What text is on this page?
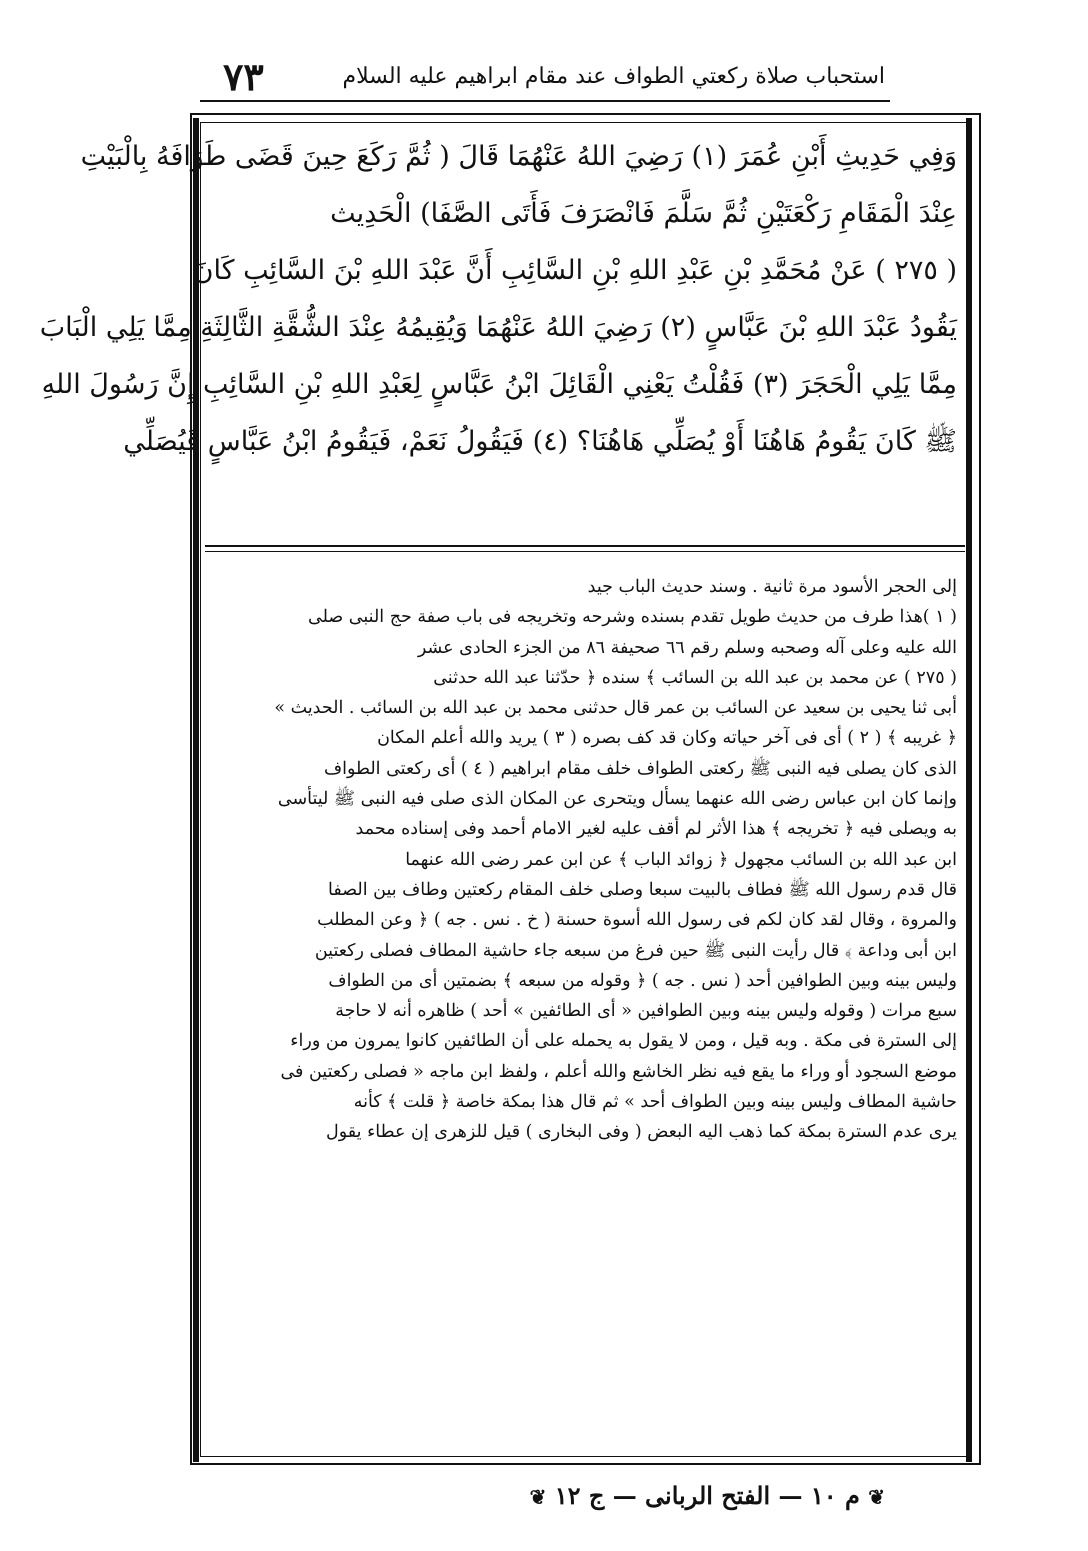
استحباب صلاة ركعتي الطواف عند مقام ابراهيم عليه السلام
٧٣
وَفِي حَدِيثِ أَبْنِ عُمَرَ (١) رَضِيَ اللهُ عَنْهُمَا قَالَ ( ثُمَّ رَكَعَ حِينَ قَضَى طَوَافَهُ بِالْبَيْتِ
عِنْدَ الْمَقَامِ رَكْعَتَيْنِ ثُمَّ سَلَّمَ فَانْصَرَفَ فَأَتَى الصَّفَا) الْحَدِيث
( ٢٧٥ ) عَنْ مُحَمَّدِ بْنِ عَبْدِ اللهِ بْنِ السَّائِبِ أَنَّ عَبْدَ اللهِ بْنَ السَّائِبِ كَانَ
يَقُودُ عَبْدَ اللهِ بْنَ عَبَّاسٍ (٢) رَضِيَ اللهُ عَنْهُمَا وَيُقِيمُهُ عِنْدَ الشُّقَّةِ الثَّالِثَةِ مِمَّا يَلِي الْبَابَ
مِمَّا يَلِي الْحَجَرَ (٣) فَقُلْتُ يَعْنِي الْقَائِلَ ابْنُ عَبَّاسٍ لِعَبْدِ اللهِ بْنِ السَّائِبِ إِنَّ رَسُولَ اللهِ
ﷺ كَانَ يَقُومُ هَاهُنَا أَوْ يُصَلِّي هَاهُنَا؟ (٤) فَيَقُولُ نَعَمْ، فَيَقُومُ ابْنُ عَبَّاسٍ فَيُصَلِّي
إلى الحجر الأسود مرة ثانية . وسند حديث الباب جيد
( ١ )هذا طرف من حديث طويل تقدم بسنده وشرحه وتخريجه فى باب صفة حج النبى صلى
الله عليه وعلى آله وصحبه وسلم رقم ٦٦ صحيفة ٨٦ من الجزء الحادى عشر
( ٢٧٥ ) عن محمد بن عبد الله بن السائب ﴾ سنده ﴿ حدّثنا عبد الله حدثنى
أبى ثنا يحيى بن سعيد عن السائب بن عمر قال حدثنى محمد بن عبد الله بن السائب . الحديث »
﴿ غريبه ﴾ ( ٢ ) أى فى آخر حياته وكان قد كف بصره ( ٣ ) يريد والله أعلم المكان
الذى كان يصلى فيه النبى ﷺ ركعتى الطواف خلف مقام ابراهيم ( ٤ ) أى ركعتى الطواف
وإنما كان ابن عباس رضى الله عنهما يسأل ويتحرى عن المكان الذى صلى فيه النبى ﷺ ليتأسى
به ويصلى فيه ﴿ تخريجه ﴾ هذا الأثر لم أقف عليه لغير الامام أحمد وفى إسناده محمد
ابن عبد الله بن السائب مجهول ﴿ زوائد الباب ﴾ عن ابن عمر رضى الله عنهما
قال قدم رسول الله ﷺ فطاف بالبيت سبعا وصلى خلف المقام ركعتين وطاف بين الصفا
والمروة ، وقال لقد كان لكم فى رسول الله أسوة حسنة ( خ . نس . جه ) ﴿ وعن المطلب
ابن أبى وداعة ﴾ قال رأيت النبى ﷺ حين فرغ من سبعه جاء حاشية المطاف فصلى ركعتين
وليس بينه وبين الطوافين أحد ( نس . جه ) ﴿ وقوله من سبعه ﴾ بضمتين أى من الطواف
سبع مرات ( وقوله وليس بينه وبين الطوافين « أى الطائفين » أحد ) ظاهره أنه لا حاجة
إلى السترة فى مكة . وبه قيل ، ومن لا يقول به يحمله على أن الطائفين كانوا يمرون من وراء
موضع السجود أو وراء ما يقع فيه نظر الخاشع والله أعلم ، ولفظ ابن ماجه « فصلى ركعتين فى
حاشية المطاف وليس بينه وبين الطواف أحد » ثم قال هذا بمكة خاصة ﴿ قلت ﴾ كأنه
يرى عدم السترة بمكة كما ذهب اليه البعض ( وفى البخارى ) قيل للزهرى إن عطاء يقول
❦ م ١٠ — الفتح الربانى — ج ١٢ ❦
